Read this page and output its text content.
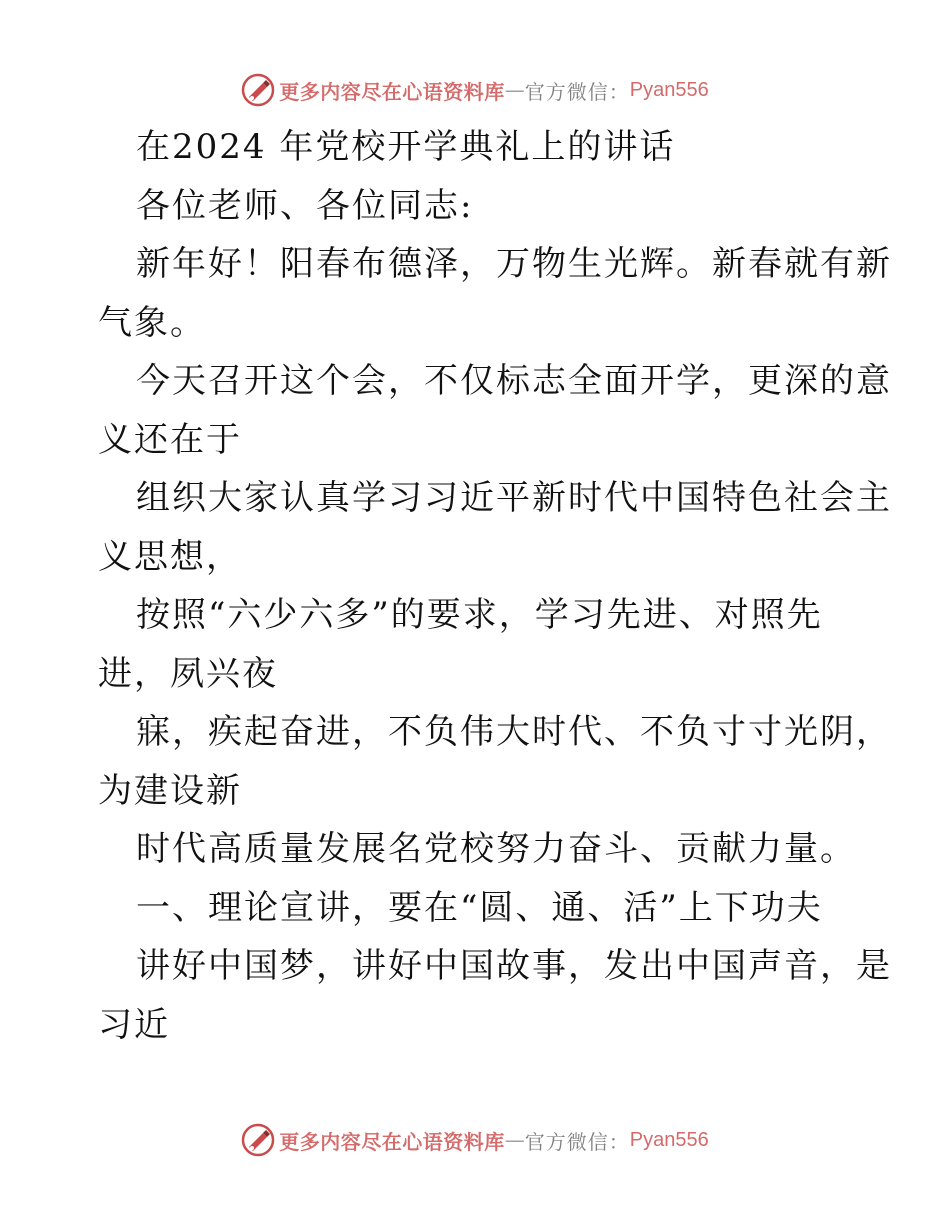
更多内容尽在心语资料库 — 官方微信： Pyan556
在2024 年党校开学典礼上的讲话
各位老师、各位同志:
新年好！阳春布德泽，万物生光辉。新春就有新
气象。
今天召开这个会，不仅标志全面开学，更深的意
义还在于
组织大家认真学习习近平新时代中国特色社会主
义思想，
按照“六少六多”的要求，学习先进、对照先
进，夙兴夜
寐，疾起奋进，不负伟大时代、不负寸寸光阴，
为建设新
时代高质量发展名党校努力奋斗、贡献力量。
一、理论宣讲，要在“圆、通、活”上下功夫
讲好中国梦，讲好中国故事，发出中国声音，是
习近
更多内容尽在心语资料库 — 官方微信： Pyan556
